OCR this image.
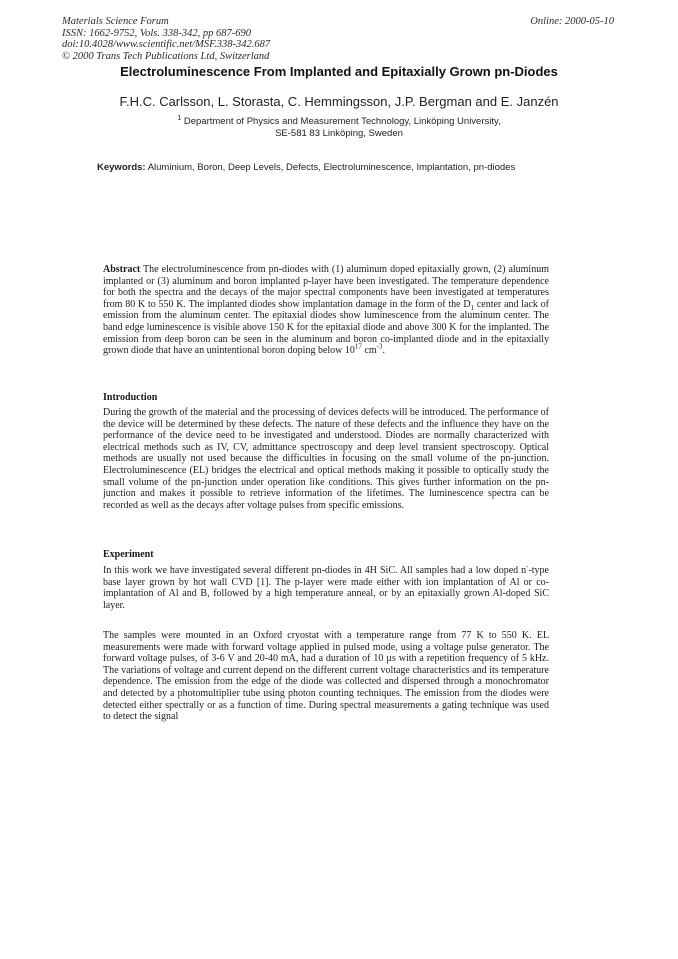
Materials Science Forum
ISSN: 1662-9752, Vols. 338-342, pp 687-690
doi:10.4028/www.scientific.net/MSF.338-342.687
© 2000 Trans Tech Publications Ltd, Switzerland
Online: 2000-05-10
Electroluminescence From Implanted and Epitaxially Grown pn-Diodes
F.H.C. Carlsson, L. Storasta, C. Hemmingsson, J.P. Bergman and E. Janzén
$^1$ Department of Physics and Measurement Technology, Linköping University,
SE-581 83 Linköping, Sweden
Keywords: Aluminium, Boron, Deep Levels, Defects, Electroluminescence, Implantation, pn-diodes
Abstract The electroluminescence from pn-diodes with (1) aluminum doped epitaxially grown, (2) aluminum implanted or (3) aluminum and boron implanted p-layer have been investigated. The temperature dependence for both the spectra and the decays of the major spectral components have been investigated at temperatures from 80 K to 550 K. The implanted diodes show implantation damage in the form of the $D_1$ center and lack of emission from the aluminum center. The epitaxial diodes show luminescence from the aluminum center. The band edge luminescence is visible above 150 K for the epitaxial diode and above 300 K for the implanted. The emission from deep boron can be seen in the aluminum and boron co-implanted diode and in the epitaxially grown diode that have an unintentional boron doping below $10^{17}$ $cm^{-3}$.
Introduction
During the growth of the material and the processing of devices defects will be introduced. The performance of the device will be determined by these defects. The nature of these defects and the influence they have on the performance of the device need to be investigated and understood. Diodes are normally characterized with electrical methods such as IV, CV, admittance spectroscopy and deep level transient spectroscopy. Optical methods are usually not used because the difficulties in focusing on the small volume of the pn-junction. Electroluminescence (EL) bridges the electrical and optical methods making it possible to optically study the small volume of the pn-junction under operation like conditions. This gives further information on the pn-junction and makes it possible to retrieve information of the lifetimes. The luminescence spectra can be recorded as well as the decays after voltage pulses from specific emissions.
Experiment
In this work we have investigated several different pn-diodes in 4H SiC. All samples had a low doped n--type base layer grown by hot wall CVD [1]. The p-layer were made either with ion implantation of Al or co-implantation of Al and B, followed by a high temperature anneal, or by an epitaxially grown Al-doped SiC layer.
The samples were mounted in an Oxford cryostat with a temperature range from 77 K to 550 K. EL measurements were made with forward voltage applied in pulsed mode, using a voltage pulse generator. The forward voltage pulses, of 3-6 V and 20-40 mA, had a duration of 10 µs with a repetition frequency of 5 kHz. The variations of voltage and current depend on the different current voltage characteristics and its temperature dependence. The emission from the edge of the diode was collected and dispersed through a monochromator and detected by a photomultiplier tube using photon counting techniques. The emission from the diodes were detected either spectrally or as a function of time. During spectral measurements a gating technique was used to detect the signal
